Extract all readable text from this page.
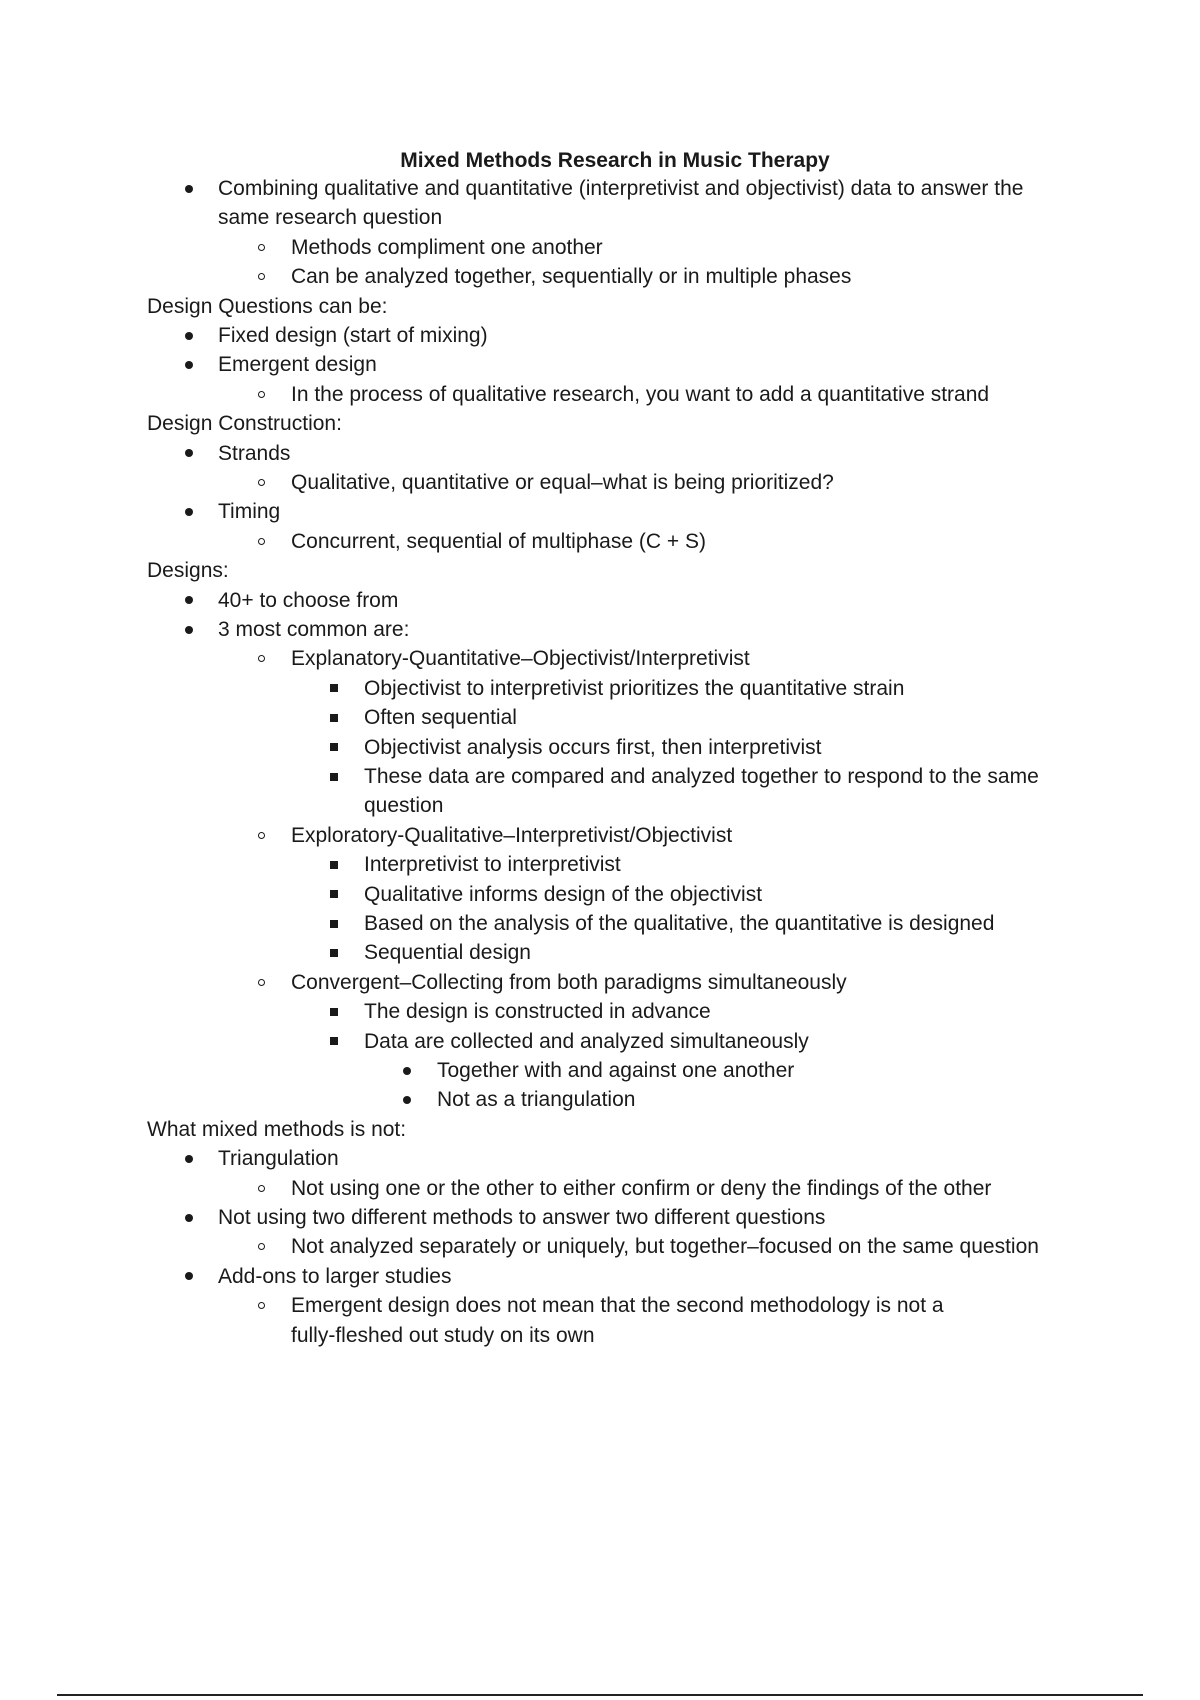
Mixed Methods Research in Music Therapy
Combining qualitative and quantitative (interpretivist and objectivist) data to answer the
same research question
Methods compliment one another
Can be analyzed together, sequentially or in multiple phases
Design Questions can be:
Fixed design (start of mixing)
Emergent design
In the process of qualitative research, you want to add a quantitative strand
Design Construction:
Strands
Qualitative, quantitative or equal–what is being prioritized?
Timing
Concurrent, sequential of multiphase (C + S)
Designs:
40+ to choose from
3 most common are:
Explanatory-Quantitative–Objectivist/Interpretivist
Objectivist to interpretivist prioritizes the quantitative strain
Often sequential
Objectivist analysis occurs first, then interpretivist
These data are compared and analyzed together to respond to the same
question
Exploratory-Qualitative–Interpretivist/Objectivist
Interpretivist to interpretivist
Qualitative informs design of the objectivist
Based on the analysis of the qualitative, the quantitative is designed
Sequential design
Convergent–Collecting from both paradigms simultaneously
The design is constructed in advance
Data are collected and analyzed simultaneously
Together with and against one another
Not as a triangulation
What mixed methods is not:
Triangulation
Not using one or the other to either confirm or deny the findings of the other
Not using two different methods to answer two different questions
Not analyzed separately or uniquely, but together–focused on the same question
Add-ons to larger studies
Emergent design does not mean that the second methodology is not a
fully-fleshed out study on its own
